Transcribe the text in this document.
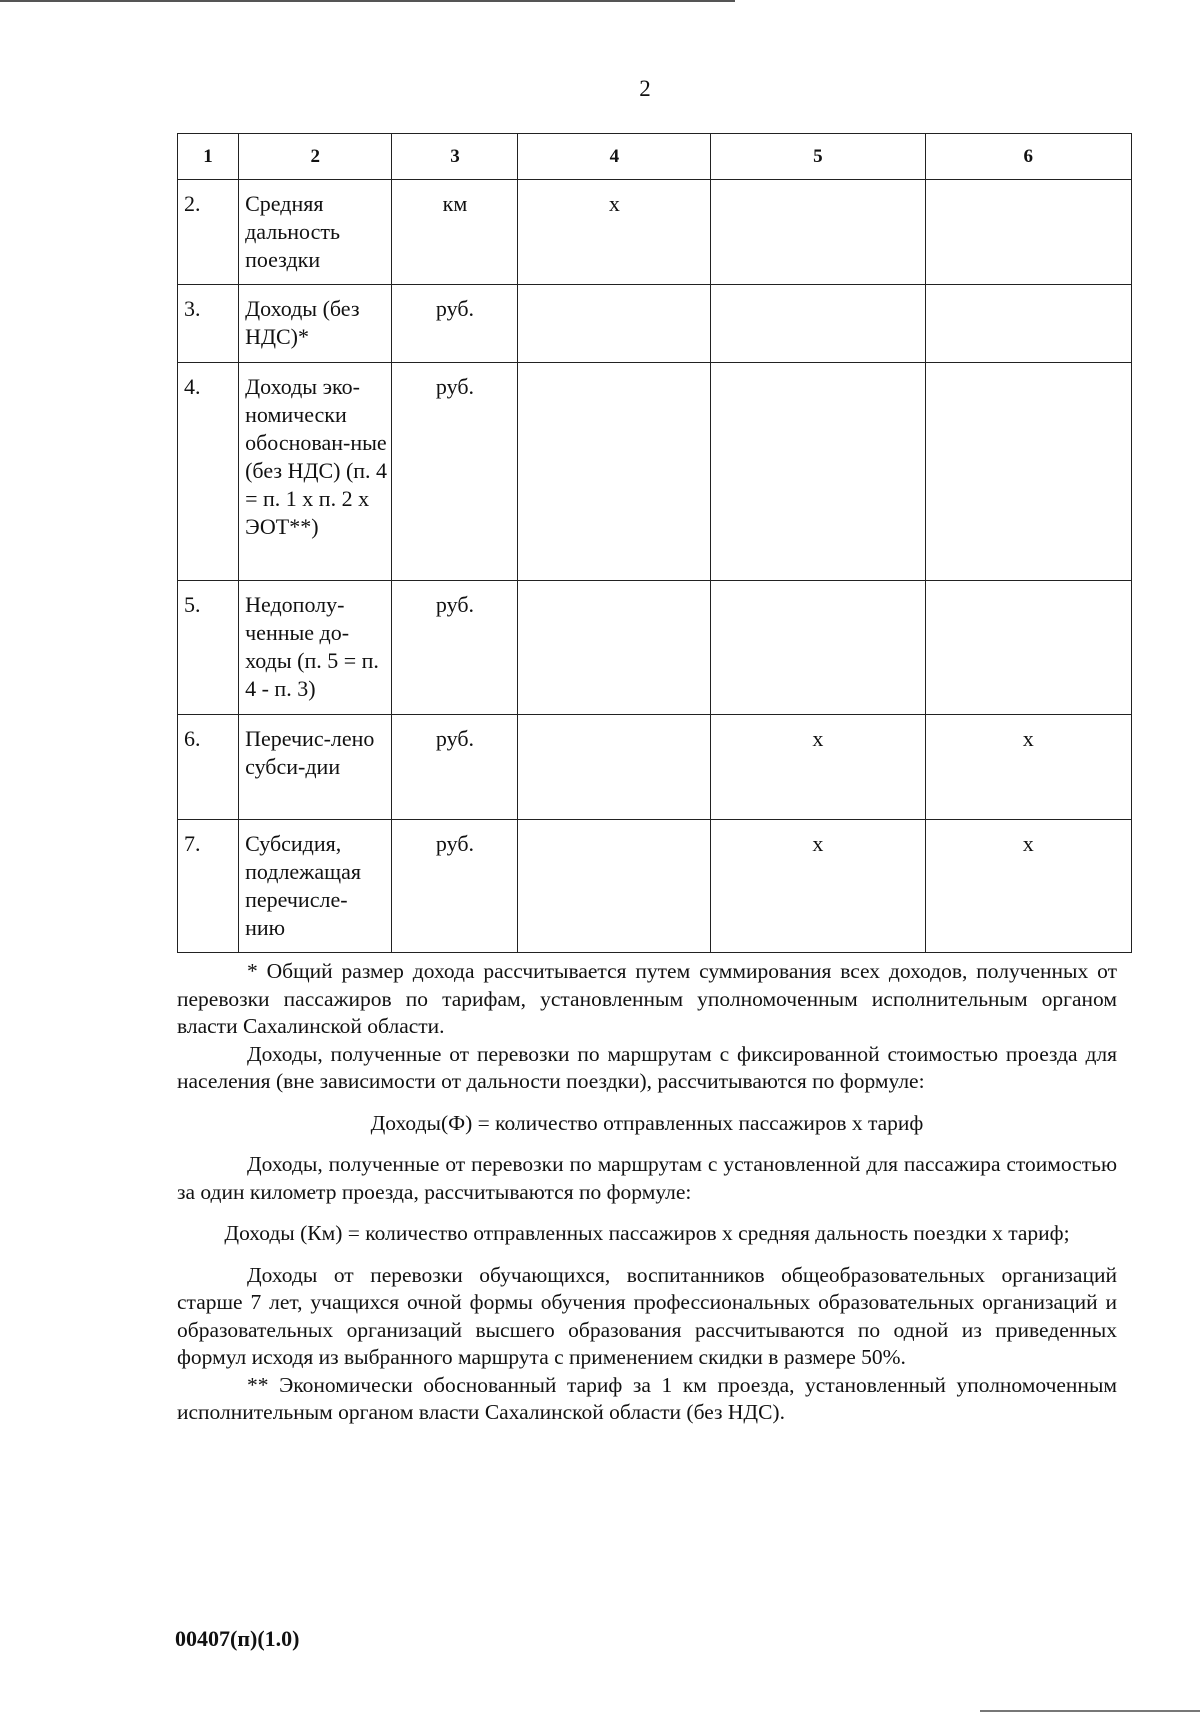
2
1	2	3	4	5	6
2.	Средняя дальность поездки	км	х		
3.	Доходы (без НДС)*	руб.			
4.	Доходы эко-номически обоснован-ные (без НДС) (п. 4 = п. 1 х п. 2 х ЭОТ**)	руб.			
5.	Недополу-ченные до-ходы (п. 5 = п. 4 - п. 3)	руб.			
6.	Перечис-лено субси-дии	руб.		х	х
7.	Субсидия, подлежащая перечисле-нию	руб.		х	х

* Общий размер дохода рассчитывается путем суммирования всех доходов, полученных от перевозки пассажиров по тарифам, установленным уполномоченным исполнительным органом власти Сахалинской области.

Доходы, полученные от перевозки по маршрутам с фиксированной стоимостью проезда для населения (вне зависимости от дальности поездки), рассчитываются по формуле:

Доходы(Ф) = количество отправленных пассажиров х тариф

Доходы, полученные от перевозки по маршрутам с установленной для пассажира стоимостью за один километр проезда, рассчитываются по формуле:

Доходы (Км) = количество отправленных пассажиров х средняя дальность поездки х тариф;

Доходы от перевозки обучающихся, воспитанников общеобразовательных организаций старше 7 лет, учащихся очной формы обучения профессиональных образовательных организаций и образовательных организаций высшего образования рассчитываются по одной из приведенных формул исходя из выбранного маршрута с применением скидки в размере 50%.

** Экономически обоснованный тариф за 1 км проезда, установленный уполномоченным исполнительным органом власти Сахалинской области (без НДС).

00407(п)(1.0)
